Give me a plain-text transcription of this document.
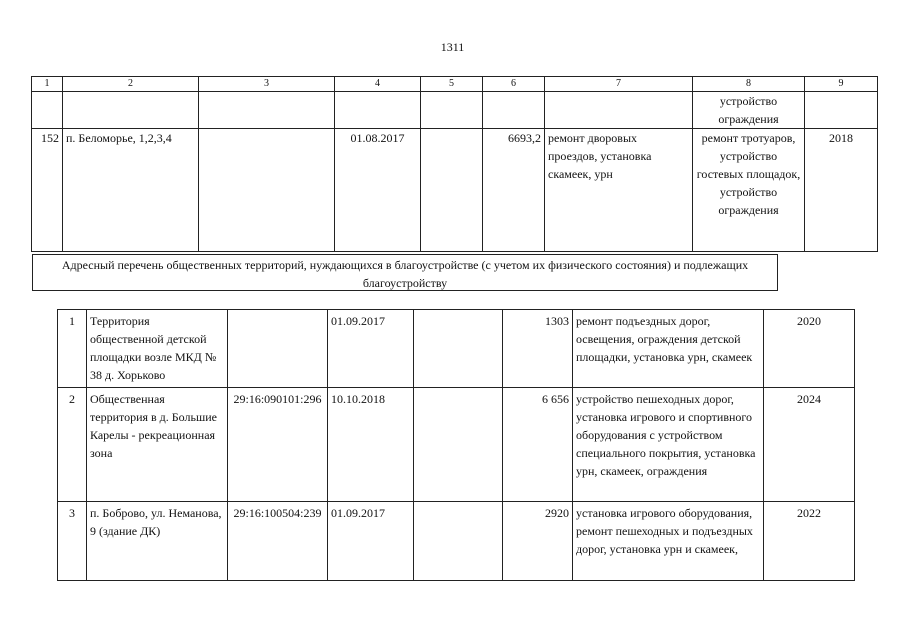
1311
1	2	3	4	5	6	7	8	9
							устройство ограждения	
152	п. Беломорье, 1,2,3,4		01.08.2017		6693,2	ремонт дворовых проездов, установка скамеек, урн	ремонт тротуаров, устройство гостевых площадок, устройство ограждения	2018
Адресный перечень общественных территорий, нуждающихся в благоустройстве (с учетом их физического состояния) и подлежащих благоустройству
1	Территория общественной детской площадки возле МКД № 38 д. Хорьково		01.09.2017		1303	ремонт подъездных дорог, освещения, ограждения детской площадки, установка урн, скамеек	2020
2	Общественная территория в д. Большие Карелы - рекреационная зона	29:16:090101:296	10.10.2018		6 656	устройство пешеходных дорог, установка игрового и спортивного оборудования с устройством специального покрытия, установка урн, скамеек, ограждения	2024
3	п. Боброво, ул. Неманова, 9 (здание ДК)	29:16:100504:239	01.09.2017		2920	установка игрового оборудования, ремонт пешеходных и подъездных дорог, установка урн и скамеек,	2022
